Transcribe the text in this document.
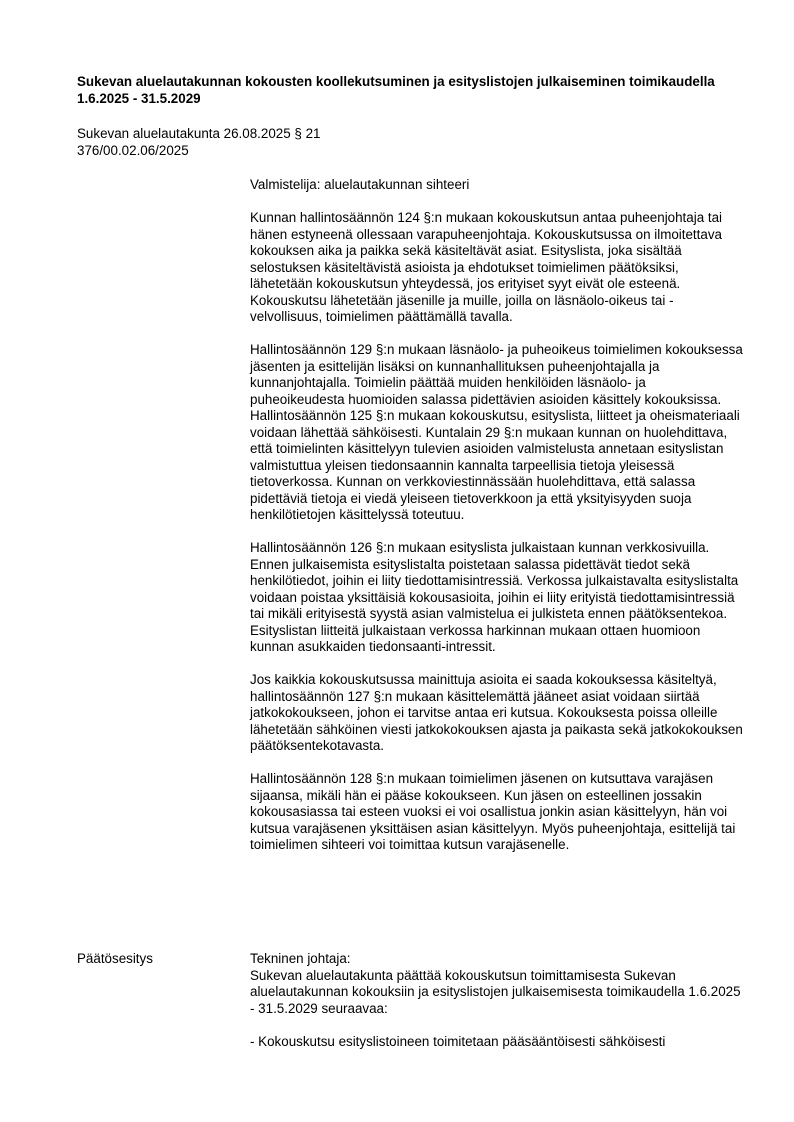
Sukevan aluelautakunnan kokousten koollekutsuminen ja esityslistojen julkaiseminen toimikaudella 1.6.2025 - 31.5.2029
Sukevan aluelautakunta 26.08.2025 § 21
376/00.02.06/2025

Valmistelija: aluelautakunnan sihteeri

Kunnan hallintosäännön 124 §:n mukaan kokouskutsun antaa puheenjohtaja tai hänen estyneenä ollessaan varapuheenjohtaja. Kokouskutsussa on ilmoitettava kokouksen aika ja paikka sekä käsiteltävät asiat. Esityslista, joka sisältää selostuksen käsiteltävistä asioista ja ehdotukset toimielimen päätöksiksi, lähetetään kokouskutsun yhteydessä, jos erityiset syyt eivät ole esteenä. Kokouskutsu lähetetään jäsenille ja muille, joilla on läsnäolo-oikeus tai - velvollisuus, toimielimen päättämällä tavalla.

Hallintosäännön 129 §:n mukaan läsnäolo- ja puheoikeus toimielimen kokouksessa jäsenten ja esittelijän lisäksi on kunnanhallituksen puheenjohtajalla ja kunnanjohtajalla. Toimielin päättää muiden henkilöiden läsnäolo- ja puheoikeudesta huomioiden salassa pidettävien asioiden käsittely kokouksissa. Hallintosäännön 125 §:n mukaan kokouskutsu, esityslista, liitteet ja oheismateriaali voidaan lähettää sähköisesti. Kuntalain 29 §:n mukaan kunnan on huolehdittava, että toimielinten käsittelyyn tulevien asioiden valmistelusta annetaan esityslistan valmistuttua yleisen tiedonsaannin kannalta tarpeellisia tietoja yleisessä tietoverkossa. Kunnan on verkkoviestinnässään huolehdittava, että salassa pidettäviä tietoja ei viedä yleiseen tietoverkkoon ja että yksityisyyden suoja henkilötietojen käsittelyssä toteutuu.

Hallintosäännön 126 §:n mukaan esityslista julkaistaan kunnan verkkosivuilla. Ennen julkaisemista esityslistalta poistetaan salassa pidettävät tiedot sekä henkilötiedot, joihin ei liity tiedottamisintressiä. Verkossa julkaistavalta esityslistalta voidaan poistaa yksittäisiä kokousasioita, joihin ei liity erityistä tiedottamisintressiä tai mikäli erityisestä syystä asian valmistelua ei julkisteta ennen päätöksentekoa. Esityslistan liitteitä julkaistaan verkossa harkinnan mukaan ottaen huomioon kunnan asukkaiden tiedonsaanti-intressit.

Jos kaikkia kokouskutsussa mainittuja asioita ei saada kokouksessa käsiteltyä, hallintosäännön 127 §:n mukaan käsittelemättä jääneet asiat voidaan siirtää jatkokokoukseen, johon ei tarvitse antaa eri kutsua. Kokouksesta poissa olleille lähetetään sähköinen viesti jatkokokouksen ajasta ja paikasta sekä jatkokokouksen päätöksentekotavasta.

Hallintosäännön 128 §:n mukaan toimielimen jäsenen on kutsuttava varajäsen sijaansa, mikäli hän ei pääse kokoukseen. Kun jäsen on esteellinen jossakin kokousasiassa tai esteen vuoksi ei voi osallistua jonkin asian käsittelyyn, hän voi kutsua varajäsenen yksittäisen asian käsittelyyn. Myös puheenjohtaja, esittelijä tai toimielimen sihteeri voi toimittaa kutsun varajäsenelle.

Päätösesitys	Tekninen johtaja:
Sukevan aluelautakunta päättää kokouskutsun toimittamisesta Sukevan aluelautakunnan kokouksiin ja esityslistojen julkaisemisesta toimikaudella 1.6.2025 - 31.5.2029 seuraavaa:
- Kokouskutsu esityslistoineen toimitetaan pääsääntöisesti sähköisesti
